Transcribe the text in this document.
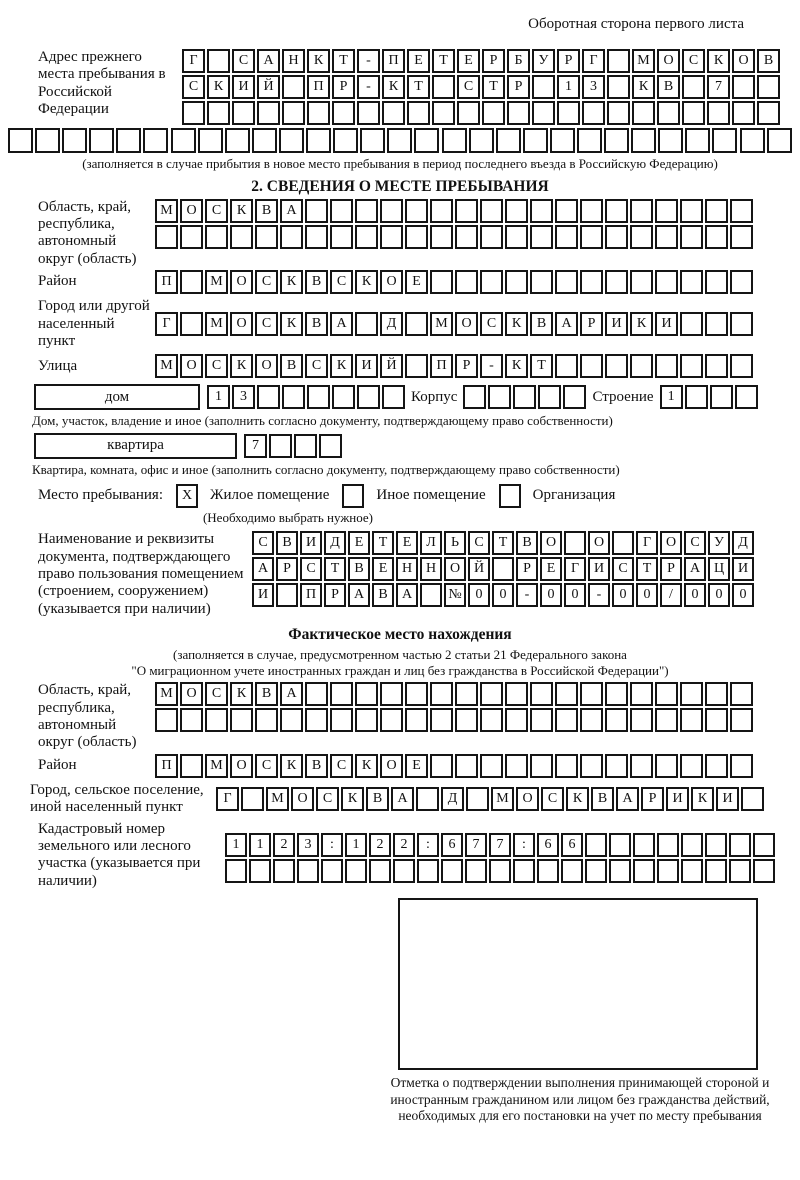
Оборотная сторона первого листа
Адрес прежнего места пребывания в Российской Федерации
Г	С	А	Н	К	Т	-	П	Е	Т	Е	Р	Б	У	Р	Г	М О	С	К	О	В
С	К	И	Й	П	Р	-	К	Т	С	Т	Р	1	3	К	В	7
(заполняется в случае прибытия в новое место пребывания в период последнего въезда в Российскую Федерацию)
2. СВЕДЕНИЯ О МЕСТЕ ПРЕБЫВАНИЯ
Область, край, республика, автономный округ (область)
М О	С	К	В	А
Район	П	М О	С	К	В	С	К	О	Е
Город или другой населенный пункт
Г	М О	С	К	В	А	Д	М О	С	К	В	А	Р	И	К	И
Улица	М О	С	К	О	В	С	К	И	Й	П	Р	-	К	Т
дом	1	3	Корпус	Строение	1
Дом, участок, владение и иное (заполнить согласно документу, подтверждающему право собственности)
квартира	7
Квартира, комната, офис и иное (заполнить согласно документу, подтверждающему право собственности)
Место пребывания:	X	Жилое помещение	Иное помещение	Организация
(Необходимо выбрать нужное)
Наименование и реквизиты документа, подтверждающего право пользования помещением (строением, сооружением) (указывается при наличии)
С	В	И	Д	Е	Т	Е	Л	Ь	С	Т	В	О	О	Г	О	С	У	Д
А	Р	С	Т	В	Е	Н Н О Й	Р	Е	Г	И	С	Т	Р	А Ц И
И	П	Р	А	В	А	№ 0	0	-	0	0	-	0	0	/	0	0	0
Фактическое место нахождения
(заполняется в случае, предусмотренном частью 2 статьи 21 Федерального закона
"О миграционном учете иностранных граждан и лиц без гражданства в Российской Федерации")
Область, край, республика, автономный округ (область)
М О	С	К	В	А
Район	П	М О	С	К	В	С	К	О	Е
Город, сельское поселение, иной населенный пункт
Г	М О	С	К	В	А	Д	М О	С	К	В	А	Р	И	К	И
Кадастровый номер земельного или лесного участка (указывается при наличии)
1	1	2	3	:	1	2	2	:	6	7	7	:	6	6
Отметка о подтверждении выполнения принимающей стороной и иностранным гражданином или лицом без гражданства действий, необходимых для его постановки на учет по месту пребывания
